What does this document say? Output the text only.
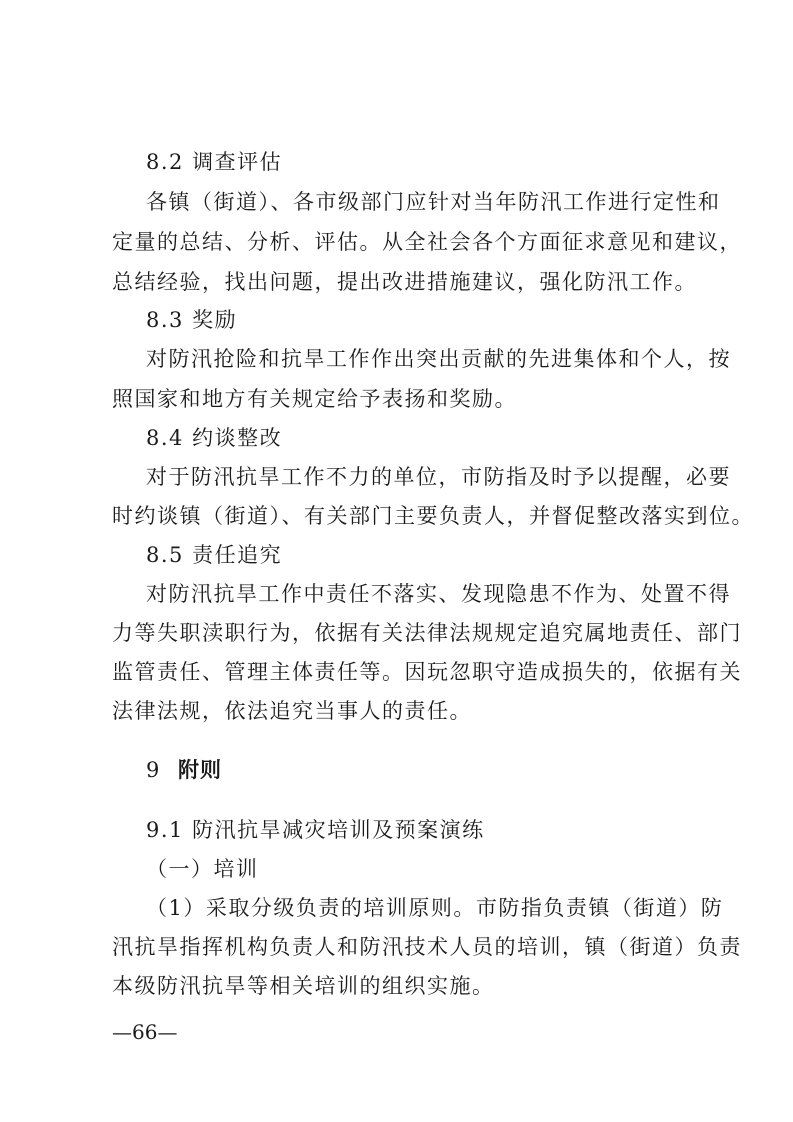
8.2 调查评估
各镇（街道）、各市级部门应针对当年防汛工作进行定性和
定量的总结、分析、评估。从全社会各个方面征求意见和建议，
总结经验，找出问题，提出改进措施建议，强化防汛工作。
8.3 奖励
对防汛抢险和抗旱工作作出突出贡献的先进集体和个人，按
照国家和地方有关规定给予表扬和奖励。
8.4 约谈整改
对于防汛抗旱工作不力的单位，市防指及时予以提醒，必要
时约谈镇（街道）、有关部门主要负责人，并督促整改落实到位。
8.5 责任追究
对防汛抗旱工作中责任不落实、发现隐患不作为、处置不得
力等失职渎职行为，依据有关法律法规规定追究属地责任、部门
监管责任、管理主体责任等。因玩忽职守造成损失的，依据有关
法律法规，依法追究当事人的责任。
9 附则
9.1 防汛抗旱减灾培训及预案演练
（一）培训
（1）采取分级负责的培训原则。市防指负责镇（街道）防
汛抗旱指挥机构负责人和防汛技术人员的培训，镇（街道）负责
本级防汛抗旱等相关培训的组织实施。
—66—
